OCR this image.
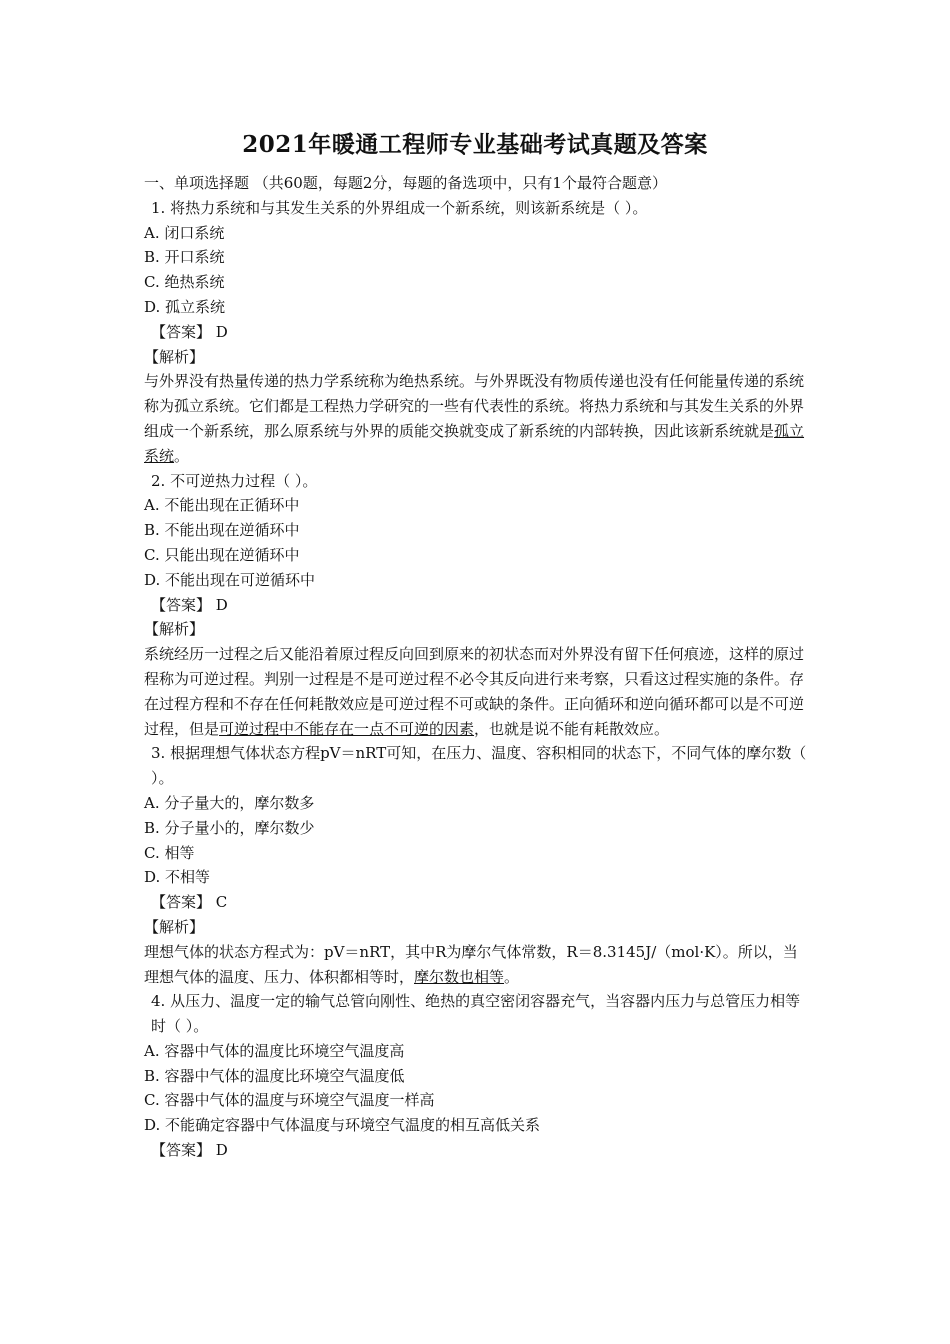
2021年暖通工程师专业基础考试真题及答案
一、单项选择题 （共60题，每题2分，每题的备选项中，只有1个最符合题意）
1. 将热力系统和与其发生关系的外界组成一个新系统，则该新系统是（ ）。
A. 闭口系统
B. 开口系统
C. 绝热系统
D. 孤立系统
【答案】 D
【解析】
与外界没有热量传递的热力学系统称为绝热系统。与外界既没有物质传递也没有任何能量传递的系统称为孤立系统。它们都是工程热力学研究的一些有代表性的系统。将热力系统和与其发生关系的外界组成一个新系统，那么原系统与外界的质能交换就变成了新系统的内部转换，因此该新系统就是孤立系统。
2. 不可逆热力过程（ ）。
A. 不能出现在正循环中
B. 不能出现在逆循环中
C. 只能出现在逆循环中
D. 不能出现在可逆循环中
【答案】 D
【解析】
系统经历一过程之后又能沿着原过程反向回到原来的初状态而对外界没有留下任何痕迹，这样的原过程称为可逆过程。判别一过程是不是可逆过程不必令其反向进行来考察，只看这过程实施的条件。存在过程方程和不存在任何耗散效应是可逆过程不可或缺的条件。正向循环和逆向循环都可以是不可逆过程，但是可逆过程中不能存在一点不可逆的因素，也就是说不能有耗散效应。
3. 根据理想气体状态方程pV＝nRT可知，在压力、温度、容积相同的状态下，不同气体的摩尔数（ ）。
A. 分子量大的，摩尔数多
B. 分子量小的，摩尔数少
C. 相等
D. 不相等
【答案】 C
【解析】
理想气体的状态方程式为：pV＝nRT，其中R为摩尔气体常数，R＝8.3145J/（mol·K）。所以，当理想气体的温度、压力、体积都相等时，摩尔数也相等。
4. 从压力、温度一定的输气总管向刚性、绝热的真空密闭容器充气，当容器内压力与总管压力相等时（ ）。
A. 容器中气体的温度比环境空气温度高
B. 容器中气体的温度比环境空气温度低
C. 容器中气体的温度与环境空气温度一样高
D. 不能确定容器中气体温度与环境空气温度的相互高低关系
【答案】 D
